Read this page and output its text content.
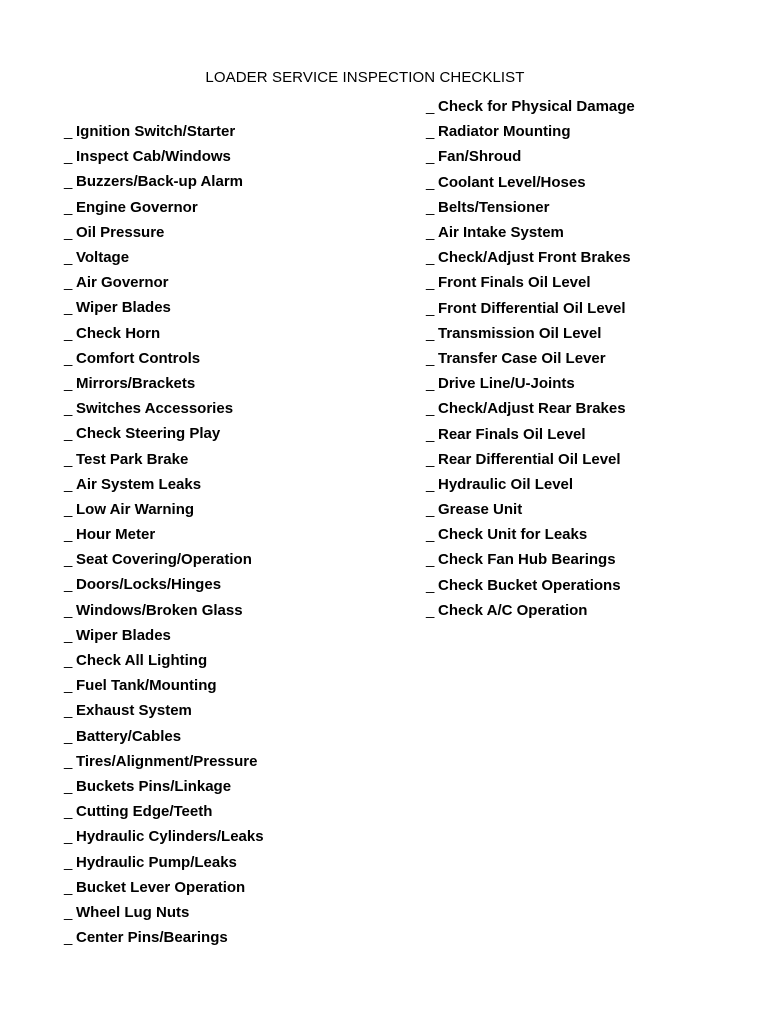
LOADER SERVICE INSPECTION CHECKLIST
_ Ignition Switch/Starter
_ Inspect Cab/Windows
_ Buzzers/Back-up Alarm
_ Engine Governor
_ Oil Pressure
_ Voltage
_ Air Governor
_ Wiper Blades
_ Check Horn
_ Comfort Controls
_ Mirrors/Brackets
_ Switches Accessories
_ Check Steering Play
_ Test Park Brake
_ Air System Leaks
_ Low Air Warning
_ Hour Meter
_ Seat Covering/Operation
_ Doors/Locks/Hinges
_ Windows/Broken Glass
_ Wiper Blades
_ Check All Lighting
_ Fuel Tank/Mounting
_ Exhaust System
_ Battery/Cables
_ Tires/Alignment/Pressure
_ Buckets Pins/Linkage
_ Cutting Edge/Teeth
_ Hydraulic Cylinders/Leaks
_ Hydraulic Pump/Leaks
_ Bucket Lever Operation
_ Wheel Lug Nuts
_ Center Pins/Bearings
_ Check for Physical Damage
_ Radiator Mounting
_ Fan/Shroud
_ Coolant Level/Hoses
_ Belts/Tensioner
_ Air Intake System
_ Check/Adjust Front Brakes
_ Front Finals Oil Level
_ Front Differential Oil Level
_ Transmission Oil Level
_ Transfer Case Oil Lever
_ Drive Line/U-Joints
_ Check/Adjust Rear Brakes
_ Rear Finals Oil Level
_ Rear Differential Oil Level
_ Hydraulic Oil Level
_ Grease Unit
_ Check Unit for Leaks
_ Check Fan Hub Bearings
_ Check Bucket Operations
_ Check A/C Operation
